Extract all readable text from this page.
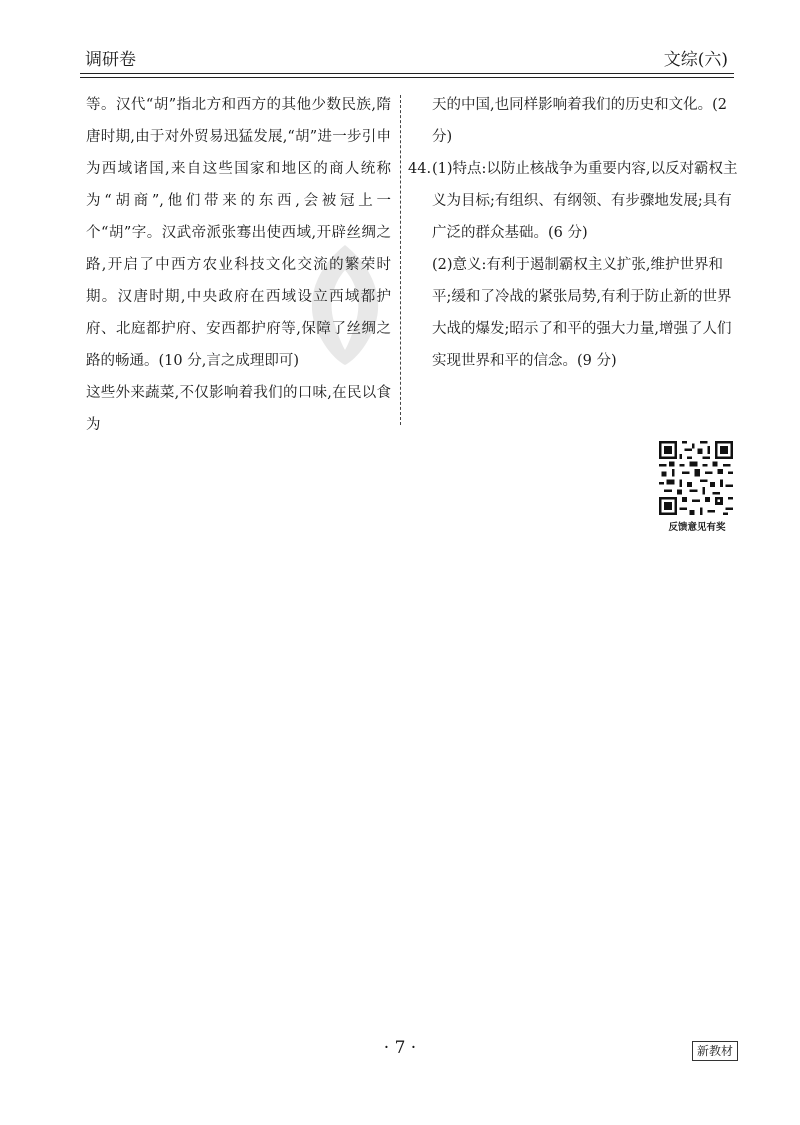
调研卷	文综(六)

等。汉代“胡”指北方和西方的其他少数民族,隋唐时期,由于对外贸易迅猛发展,“胡”进一步引申为西域诸国,来自这些国家和地区的商人统称为“胡商”,他们带来的东西,会被冠上一个“胡”字。汉武帝派张骞出使西域,开辟丝绸之路,开启了中西方农业科技文化交流的繁荣时期。汉唐时期,中央政府在西域设立西域都护府、北庭都护府、安西都护府等,保障了丝绸之路的畅通。(10 分,言之成理即可)

这些外来蔬菜,不仅影响着我们的口味,在民以食为

天的中国,也同样影响着我们的历史和文化。(2 分)

44. (1)特点:以防止核战争为重要内容,以反对霸权主义为目标;有组织、有纲领、有步骤地发展;具有广泛的群众基础。(6 分)

(2)意义:有利于遏制霸权主义扩张,维护世界和平;缓和了冷战的紧张局势,有利于防止新的世界大战的爆发;昭示了和平的强大力量,增强了人们实现世界和平的信念。(9 分)

反馈意见有奖
· 7 ·	新教材
